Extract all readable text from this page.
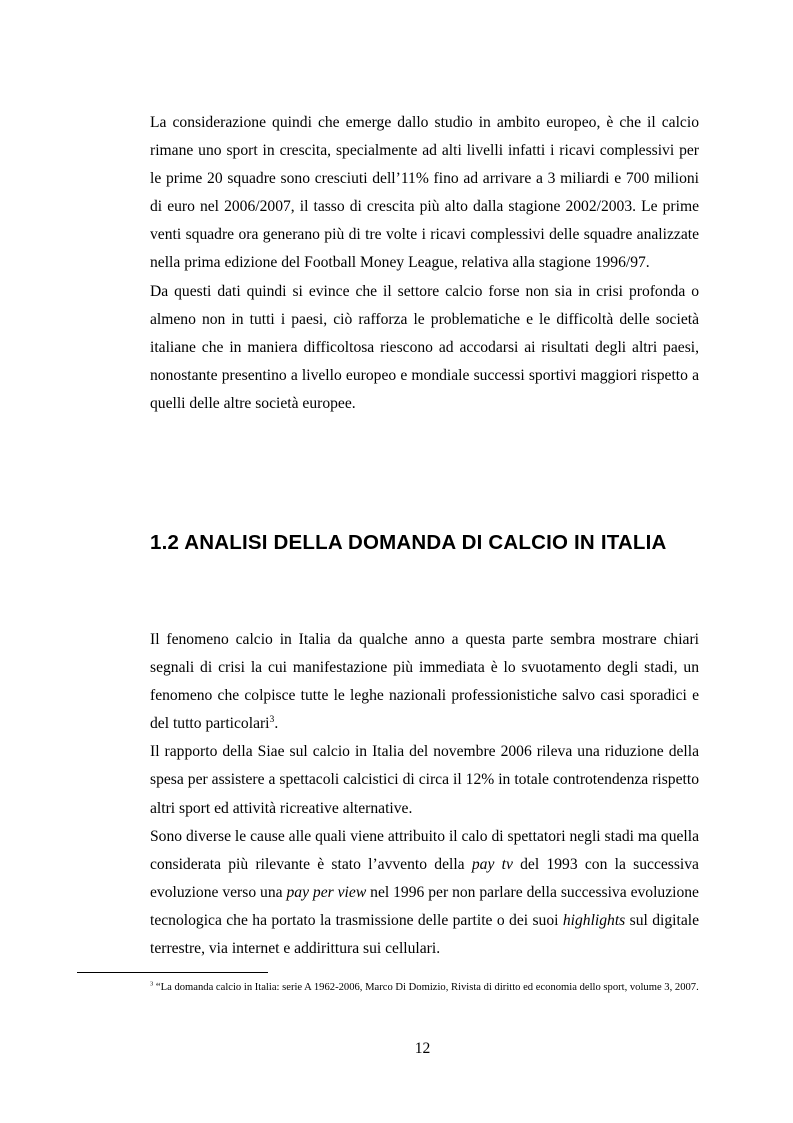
La considerazione quindi che emerge dallo studio in ambito europeo, è che il calcio rimane uno sport in crescita, specialmente ad alti livelli infatti i ricavi complessivi per le prime 20 squadre sono cresciuti dell’11% fino ad arrivare a 3 miliardi e 700 milioni di euro nel 2006/2007, il tasso di crescita più alto dalla stagione 2002/2003. Le prime venti squadre ora generano più di tre volte i ricavi complessivi delle squadre analizzate nella prima edizione del Football Money League, relativa alla stagione 1996/97.

Da questi dati quindi si evince che il settore calcio forse non sia in crisi profonda o almeno non in tutti i paesi, ciò rafforza le problematiche e le difficoltà delle società italiane che in maniera difficoltosa riescono ad accodarsi ai risultati degli altri paesi, nonostante presentino a livello europeo e mondiale successi sportivi maggiori rispetto a quelli delle altre società europee.

1.2 ANALISI DELLA DOMANDA DI CALCIO IN ITALIA

Il fenomeno calcio in Italia da qualche anno a questa parte sembra mostrare chiari segnali di crisi la cui manifestazione più immediata è lo svuotamento degli stadi, un fenomeno che colpisce tutte le leghe nazionali professionistiche salvo casi sporadici e del tutto particolari$^3$.

Il rapporto della Siae sul calcio in Italia del novembre 2006 rileva una riduzione della spesa per assistere a spettacoli calcistici di circa il 12% in totale controtendenza rispetto altri sport ed attività ricreative alternative.

Sono diverse le cause alle quali viene attribuito il calo di spettatori negli stadi ma quella considerata più rilevante è stato l’avvento della pay tv del 1993 con la successiva evoluzione verso una pay per view nel 1996 per non parlare della successiva evoluzione tecnologica che ha portato la trasmissione delle partite o dei suoi highlights sul digitale terrestre, via internet e addirittura sui cellulari.

$^3$ “La domanda calcio in Italia: serie A 1962-2006, Marco Di Domizio, Rivista di diritto ed economia dello sport, volume 3, 2007.
12
